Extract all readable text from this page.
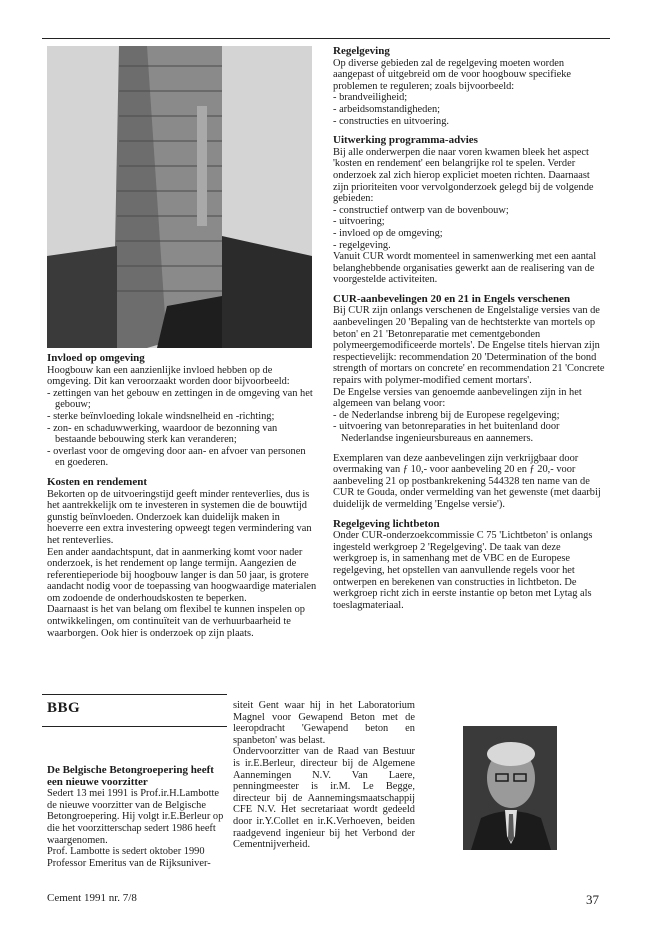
Invloed op omgeving

Hoogbouw kan een aanzienlijke invloed hebben op de omgeving. Dit kan veroorzaakt worden door bijvoorbeeld:

- zettingen van het gebouw en zettingen in de omgeving van het gebouw;
- sterke beïnvloeding lokale windsnelheid en -richting;
- zon- en schaduwwerking, waardoor de bezonning van bestaande bebouwing sterk kan veranderen;
- overlast voor de omgeving door aan- en afvoer van personen en goederen.

Kosten en rendement

Bekorten op de uitvoeringstijd geeft minder renteverlies, dus is het aantrekkelijk om te investeren in systemen die de bouwtijd gunstig beïnvloeden. Onderzoek kan duidelijk maken in hoeverre een extra investering opweegt tegen vermindering van het renteverlies.

Een ander aandachtspunt, dat in aanmerking komt voor nader onderzoek, is het rendement op lange termijn. Aangezien de referentieperiode bij hoogbouw langer is dan 50 jaar, is grotere aandacht nodig voor de toepassing van hoogwaardige materialen om zodoende de onderhoudskosten te beperken.

Daarnaast is het van belang om flexibel te kunnen inspelen op ontwikkelingen, om continuïteit van de verhuurbaarheid te waarborgen. Ook hier is onderzoek op zijn plaats.

Regelgeving

Op diverse gebieden zal de regelgeving moeten worden aangepast of uitgebreid om de voor hoogbouw specifieke problemen te reguleren; zoals bijvoorbeeld:

- brandveiligheid;
- arbeidsomstandigheden;
- constructies en uitvoering.

Uitwerking programma-advies

Bij alle onderwerpen die naar voren kwamen bleek het aspect 'kosten en rendement' een belangrijke rol te spelen. Verder onderzoek zal zich hierop expliciet moeten richten. Daarnaast zijn prioriteiten voor vervolgonderzoek gelegd bij de volgende gebieden:

- constructief ontwerp van de bovenbouw;
- uitvoering;
- invloed op de omgeving;
- regelgeving.

Vanuit CUR wordt momenteel in samenwerking met een aantal belanghebbende organisaties gewerkt aan de realisering van de voorgestelde activiteiten.

CUR-aanbevelingen 20 en 21 in Engels verschenen

Bij CUR zijn onlangs verschenen de Engelstalige versies van de aanbevelingen 20 'Bepaling van de hechtsterkte van mortels op beton' en 21 'Betonreparatie met cementgebonden polymeergemodificeerde mortels'. De Engelse titels hiervan zijn respectievelijk: recommendation 20 'Determination of the bond strength of mortars on concrete' en recommendation 21 'Concrete repairs with polymer-modified cement mortars'.

De Engelse versies van genoemde aanbevelingen zijn in het algemeen van belang voor:

- de Nederlandse inbreng bij de Europese regelgeving;
- uitvoering van betonreparaties in het buitenland door Nederlandse ingenieursbureaus en aannemers.

Exemplaren van deze aanbevelingen zijn verkrijgbaar door overmaking van ƒ 10,- voor aanbeveling 20 en ƒ 20,- voor aanbeveling 21 op postbankrekening 544328 ten name van de CUR te Gouda, onder vermelding van het gewenste (met daarbij duidelijk de vermelding 'Engelse versie').

Regelgeving lichtbeton

Onder CUR-onderzoekcommissie C 75 'Lichtbeton' is onlangs ingesteld werkgroep 2 'Regelgeving'. De taak van deze werkgroep is, in samenhang met de VBC en de Europese regelgeving, het opstellen van aanvullende regels voor het ontwerpen en berekenen van constructies in lichtbeton. De werkgroep richt zich in eerste instantie op beton met Lytag als toeslagmateriaal.

BBG

De Belgische Betongroepering heeft een nieuwe voorzitter

Sedert 13 mei 1991 is Prof.ir.H.Lambotte de nieuwe voorzitter van de Belgische Betongroepering. Hij volgt ir.E.Berleur op die het voorzitterschap sedert 1986 heeft waargenomen.

Prof. Lambotte is sedert oktober 1990 Professor Emeritus van de Rijksuniver-

siteit Gent waar hij in het Laboratorium Magnel voor Gewapend Beton met de leeropdracht 'Gewapend beton en spanbeton' was belast.

Ondervoorzitter van de Raad van Bestuur is ir.E.Berleur, directeur bij de Algemene Aannemingen N.V. Van Laere, penningmeester is ir.M. Le Begge, directeur bij de Aannemingsmaatschappij CFE N.V. Het secretariaat wordt gedeeld door ir.Y.Collet en ir.K.Verhoeven, beiden raadgevend ingenieur bij het Verbond der Cementnijverheid.

Cement 1991 nr. 7/8	37
